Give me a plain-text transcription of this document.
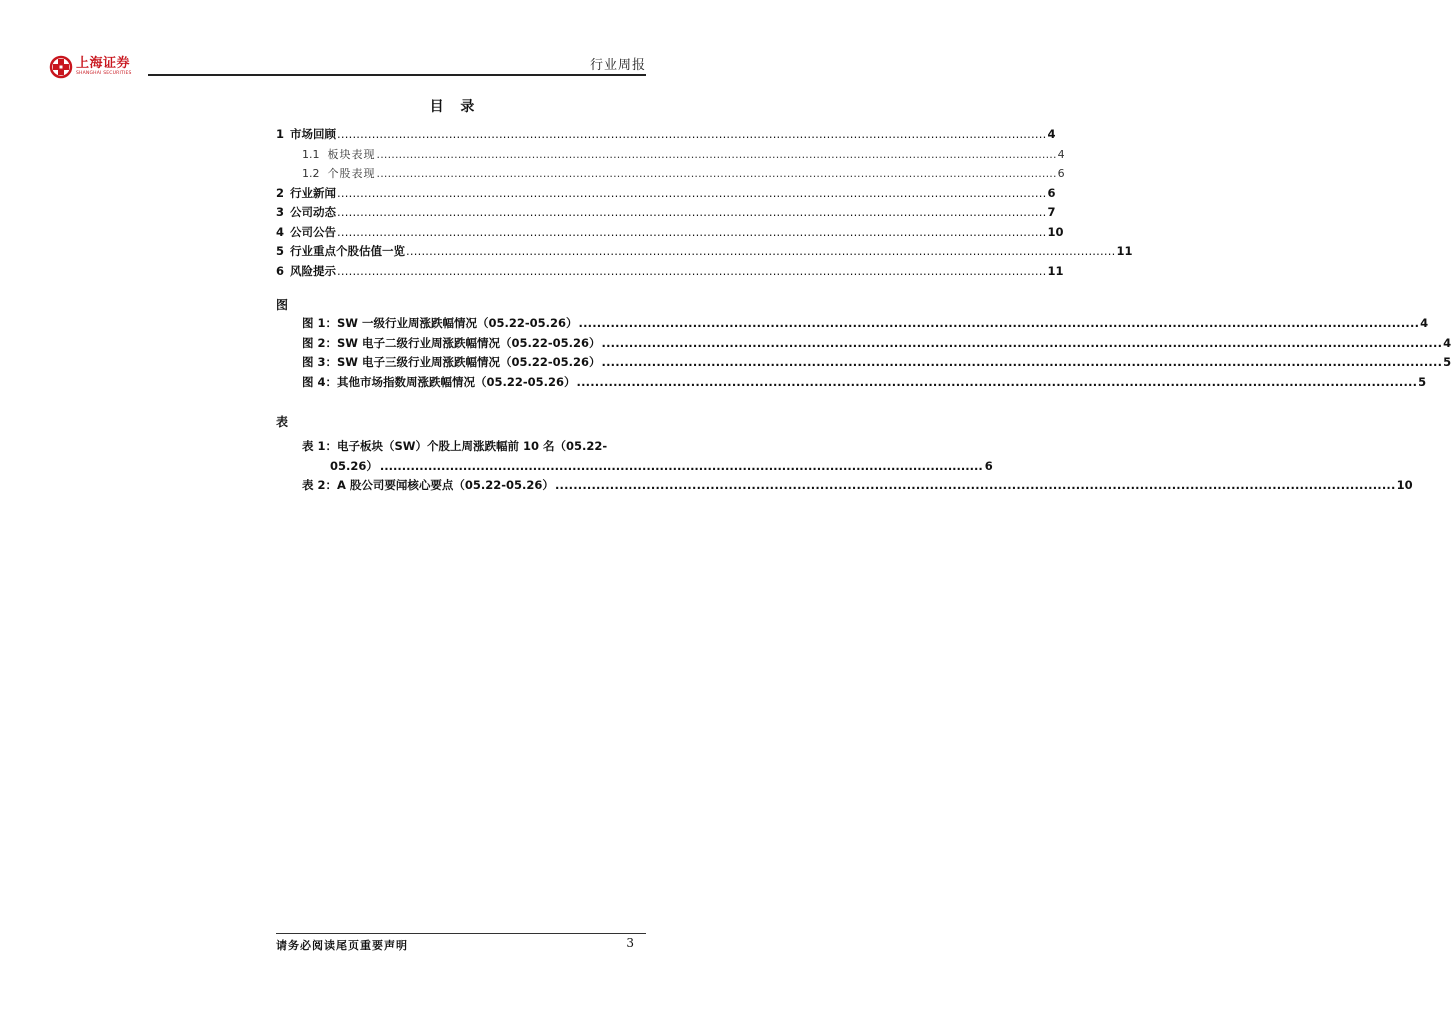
上海证券
SHANGHAI SECURITIES
行业周报
目 录
1 市场回顾 .....	4
1.1 板块表现 .....	4
1.2 个股表现 .....	6
2 行业新闻 .....	6
3 公司动态 .....	7
4 公司公告 .....	10
5 行业重点个股估值一览 .....	11
6 风险提示 .....	11
图
图 1：SW 一级行业周涨跌幅情况（05.22-05.26） .....	4
图 2：SW 电子二级行业周涨跌幅情况（05.22-05.26） .....	4
图 3：SW 电子三级行业周涨跌幅情况（05.22-05.26） .....	5
图 4：其他市场指数周涨跌幅情况（05.22-05.26） .....	5
表
表 1：电子板块（SW）个股上周涨跌幅前 10 名（05.22-
05.26） .......................................................................................................................................... 6
表 2：A 股公司要闻核心要点（05.22-05.26） .....	10
请务必阅读尾页重要声明	3
